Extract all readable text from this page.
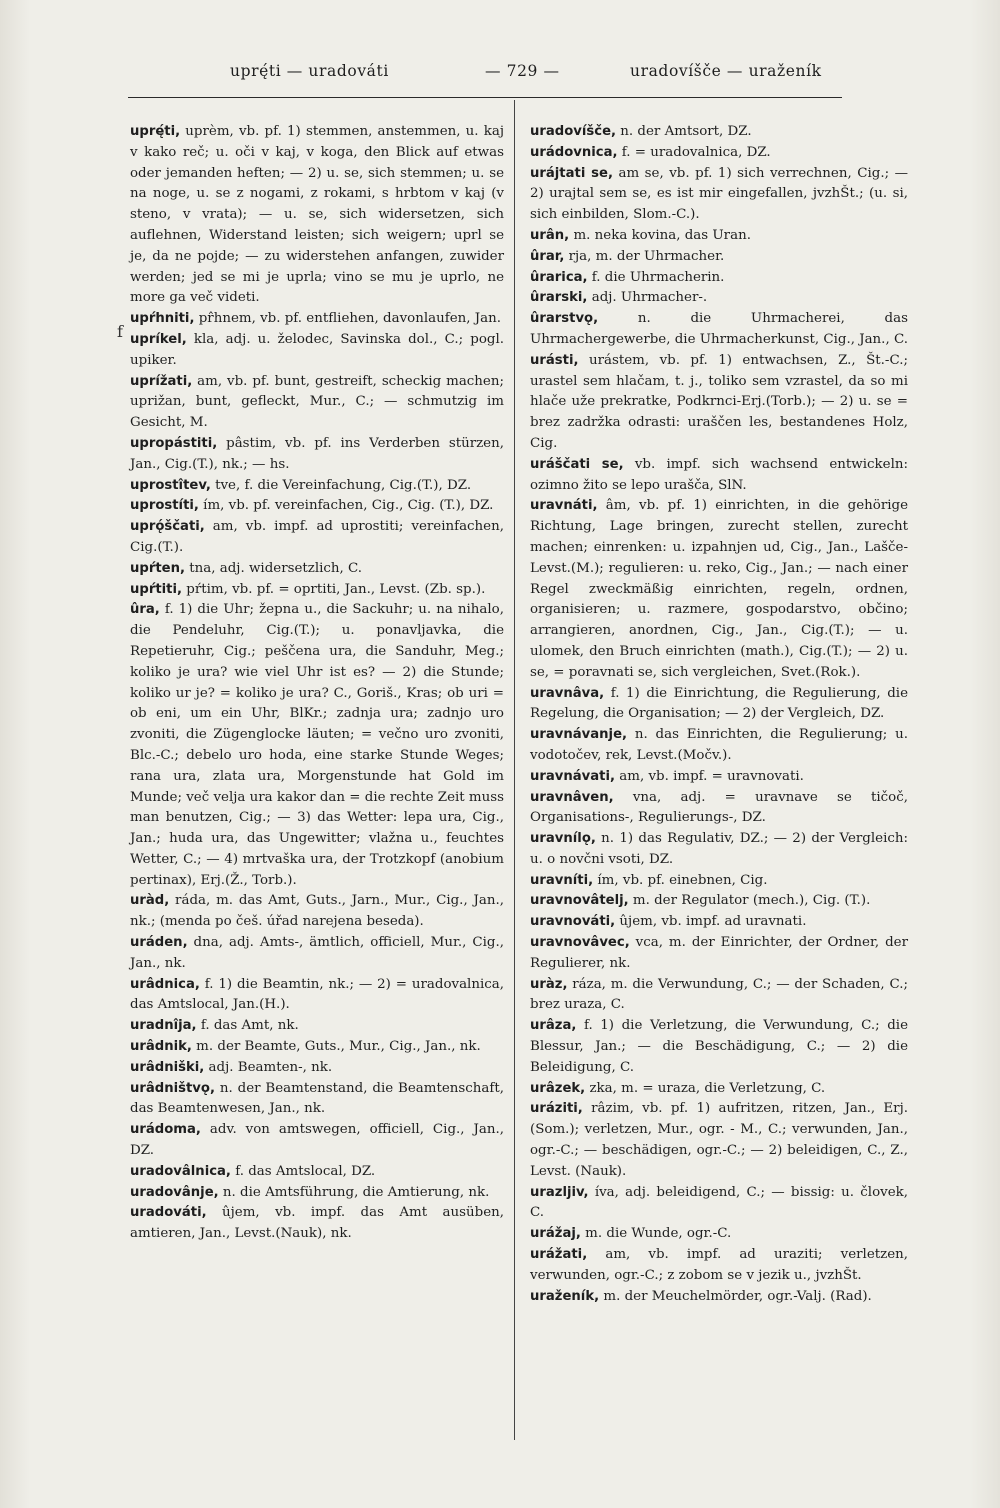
uprę́ti — uradováti	— 729 —	uradovíšče — uraženík
f

uprę́ti, uprèm, vb. pf. 1) stemmen, anstemmen, u. kaj v kako reč; u. oči v kaj, v koga, den Blick auf etwas oder jemanden heften; — 2) u. se, sich stemmen; u. se na noge, u. se z nogami, z rokami, s hrbtom v kaj (v steno, v vrata); — u. se, sich widersetzen, sich auflehnen, Widerstand leisten; sich weigern; uprl se je, da ne pojde; — zu widerstehen anfangen, zuwider werden; jed se mi je uprla; vino se mu je uprlo, ne more ga več videti.

upŕhniti, pr̂hnem, vb. pf. entfliehen, davonlaufen, Jan.

upríkel, kla, adj. u. želodec, Savinska dol., C.; pogl. upiker.

uprížati, am, vb. pf. bunt, gestreift, scheckig machen; uprižan, bunt, gefleckt, Mur., C.; — schmutzig im Gesicht, M.

upropástiti, pâstim, vb. pf. ins Verderben stürzen, Jan., Cig.(T.), nk.; — hs.

uprostîtev, tve, f. die Vereinfachung, Cig.(T.), DZ.

uprostíti, ím, vb. pf. vereinfachen, Cig., Cig. (T.), DZ.

uprǫ́ščati, am, vb. impf. ad uprostiti; vereinfachen, Cig.(T.).

upŕten, tna, adj. widersetzlich, C.

upŕtiti, pŕtim, vb. pf. = oprtiti, Jan., Levst. (Zb. sp.).

ûra, f. 1) die Uhr; žepna u., die Sackuhr; u. na nihalo, die Pendeluhr, Cig.(T.); u. ponavljavka, die Repetieruhr, Cig.; peščena ura, die Sanduhr, Meg.; koliko je ura? wie viel Uhr ist es? — 2) die Stunde; koliko ur je? = koliko je ura? C., Goriš., Kras; ob uri = ob eni, um ein Uhr, BlKr.; zadnja ura; zadnjo uro zvoniti, die Zügenglocke läuten; = večno uro zvoniti, Blc.-C.; debelo uro hoda, eine starke Stunde Weges; rana ura, zlata ura, Morgenstunde hat Gold im Munde; več velja ura kakor dan = die rechte Zeit muss man benutzen, Cig.; — 3) das Wetter: lepa ura, Cig., Jan.; huda ura, das Ungewitter; vlažna u., feuchtes Wetter, C.; — 4) mrtvaška ura, der Trotzkopf (anobium pertinax), Erj.(Ž., Torb.).

uràd, ráda, m. das Amt, Guts., Jarn., Mur., Cig., Jan., nk.; (menda po češ. úřad narejena beseda).

uráden, dna, adj. Amts-, ämtlich, officiell, Mur., Cig., Jan., nk.

urâdnica, f. 1) die Beamtin, nk.; — 2) = uradovalnica, das Amtslocal, Jan.(H.).

uradnîja, f. das Amt, nk.

urâdnik, m. der Beamte, Guts., Mur., Cig., Jan., nk.

urâdniški, adj. Beamten-, nk.

urâdništvǫ, n. der Beamtenstand, die Beamtenschaft, das Beamtenwesen, Jan., nk.

urádoma, adv. von amtswegen, officiell, Cig., Jan., DZ.

uradovâlnica, f. das Amtslocal, DZ.

uradovânje, n. die Amtsführung, die Amtierung, nk.

uradováti, ûjem, vb. impf. das Amt ausüben, amtieren, Jan., Levst.(Nauk), nk.

uradovíšče, n. der Amtsort, DZ.

urádovnica, f. = uradovalnica, DZ.

urájtati se, am se, vb. pf. 1) sich verrechnen, Cig.; — 2) urajtal sem se, es ist mir eingefallen, jvzhŠt.; (u. si, sich einbilden, Slom.-C.).

urân, m. neka kovina, das Uran.

ûrar, rja, m. der Uhrmacher.

ûrarica, f. die Uhrmacherin.

ûrarski, adj. Uhrmacher-.

ûrarstvǫ, n. die Uhrmacherei, das Uhrmachergewerbe, die Uhrmacherkunst, Cig., Jan., C.

urásti, urástem, vb. pf. 1) entwachsen, Z., Št.-C.; urastel sem hlačam, t. j., toliko sem vzrastel, da so mi hlače uže prekratke, Podkrnci-Erj.(Torb.); — 2) u. se = brez zadržka odrasti: uraščen les, bestandenes Holz, Cig.

uráščati se, vb. impf. sich wachsend entwickeln: ozimno žito se lepo urašča, SlN.

uravnáti, âm, vb. pf. 1) einrichten, in die gehörige Richtung, Lage bringen, zurecht stellen, zurecht machen; einrenken: u. izpahnjen ud, Cig., Jan., Lašče-Levst.(M.); regulieren: u. reko, Cig., Jan.; — nach einer Regel zweckmäßig einrichten, regeln, ordnen, organisieren; u. razmere, gospodarstvo, občino; arrangieren, anordnen, Cig., Jan., Cig.(T.); — u. ulomek, den Bruch einrichten (math.), Cig.(T.); — 2) u. se, = poravnati se, sich vergleichen, Svet.(Rok.).

uravnâva, f. 1) die Einrichtung, die Regulierung, die Regelung, die Organisation; — 2) der Vergleich, DZ.

uravnávanje, n. das Einrichten, die Regulierung; u. vodotočev, rek, Levst.(Močv.).

uravnávati, am, vb. impf. = uravnovati.

uravnâven, vna, adj. = uravnave se tičoč, Organisations-, Regulierungs-, DZ.

uravnílǫ, n. 1) das Regulativ, DZ.; — 2) der Vergleich: u. o novčni vsoti, DZ.

uravníti, ím, vb. pf. einebnen, Cig.

uravnovâtelj, m. der Regulator (mech.), Cig. (T.).

uravnováti, ûjem, vb. impf. ad uravnati.

uravnovâvec, vca, m. der Einrichter, der Ordner, der Regulierer, nk.

uràz, ráza, m. die Verwundung, C.; — der Schaden, C.; brez uraza, C.

urâza, f. 1) die Verletzung, die Verwundung, C.; die Blessur, Jan.; — die Beschädigung, C.; — 2) die Beleidigung, C.

urâzek, zka, m. = uraza, die Verletzung, C.

uráziti, râzim, vb. pf. 1) aufritzen, ritzen, Jan., Erj.(Som.); verletzen, Mur., ogr. - M., C.; verwunden, Jan., ogr.-C.; — beschädigen, ogr.-C.; — 2) beleidigen, C., Z., Levst. (Nauk).

urazljiv, íva, adj. beleidigend, C.; — bissig: u. človek, C.

urážaj, m. die Wunde, ogr.-C.

urážati, am, vb. impf. ad uraziti; verletzen, verwunden, ogr.-C.; z zobom se v jezik u., jvzhŠt.

uraženík, m. der Meuchelmörder, ogr.-Valj. (Rad).
